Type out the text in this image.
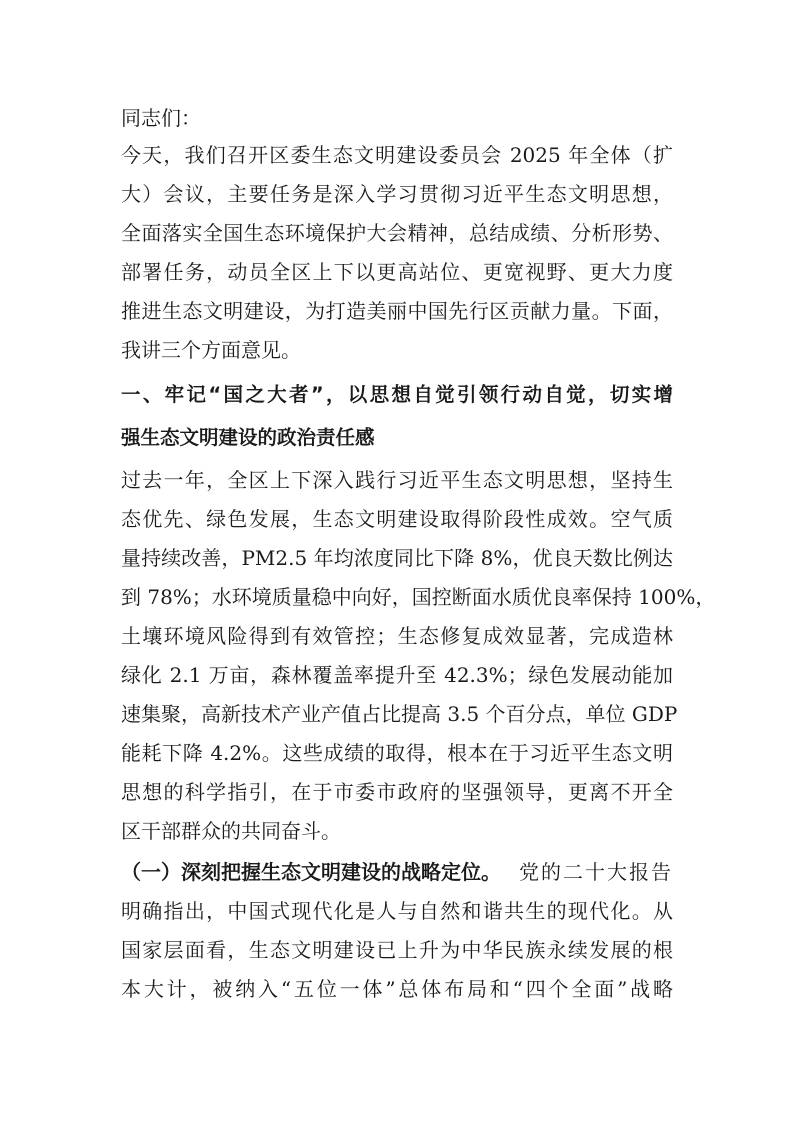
同志们：
今天，我们召开区委生态文明建设委员会 2025 年全体（扩
大）会议，主要任务是深入学习贯彻习近平生态文明思想，
全面落实全国生态环境保护大会精神，总结成绩、分析形势、
部署任务，动员全区上下以更高站位、更宽视野、更大力度
推进生态文明建设，为打造美丽中国先行区贡献力量。下面，
我讲三个方面意见。
一、牢记“国之大者”，以思想自觉引领行动自觉，切实增
强生态文明建设的政治责任感
过去一年，全区上下深入践行习近平生态文明思想，坚持生
态优先、绿色发展，生态文明建设取得阶段性成效。空气质
量持续改善，PM2.5 年均浓度同比下降 8%，优良天数比例达
到 78%；水环境质量稳中向好，国控断面水质优良率保持 100%，
土壤环境风险得到有效管控；生态修复成效显著，完成造林
绿化 2.1 万亩，森林覆盖率提升至 42.3%；绿色发展动能加
速集聚，高新技术产业产值占比提高 3.5 个百分点，单位 GDP
能耗下降 4.2%。这些成绩的取得，根本在于习近平生态文明
思想的科学指引，在于市委市政府的坚强领导，更离不开全
区干部群众的共同奋斗。
（一）深刻把握生态文明建设的战略定位。 党的二十大报告
明确指出，中国式现代化是人与自然和谐共生的现代化。从
国家层面看，生态文明建设已上升为中华民族永续发展的根
本大计，被纳入“五位一体”总体布局和“四个全面”战略
